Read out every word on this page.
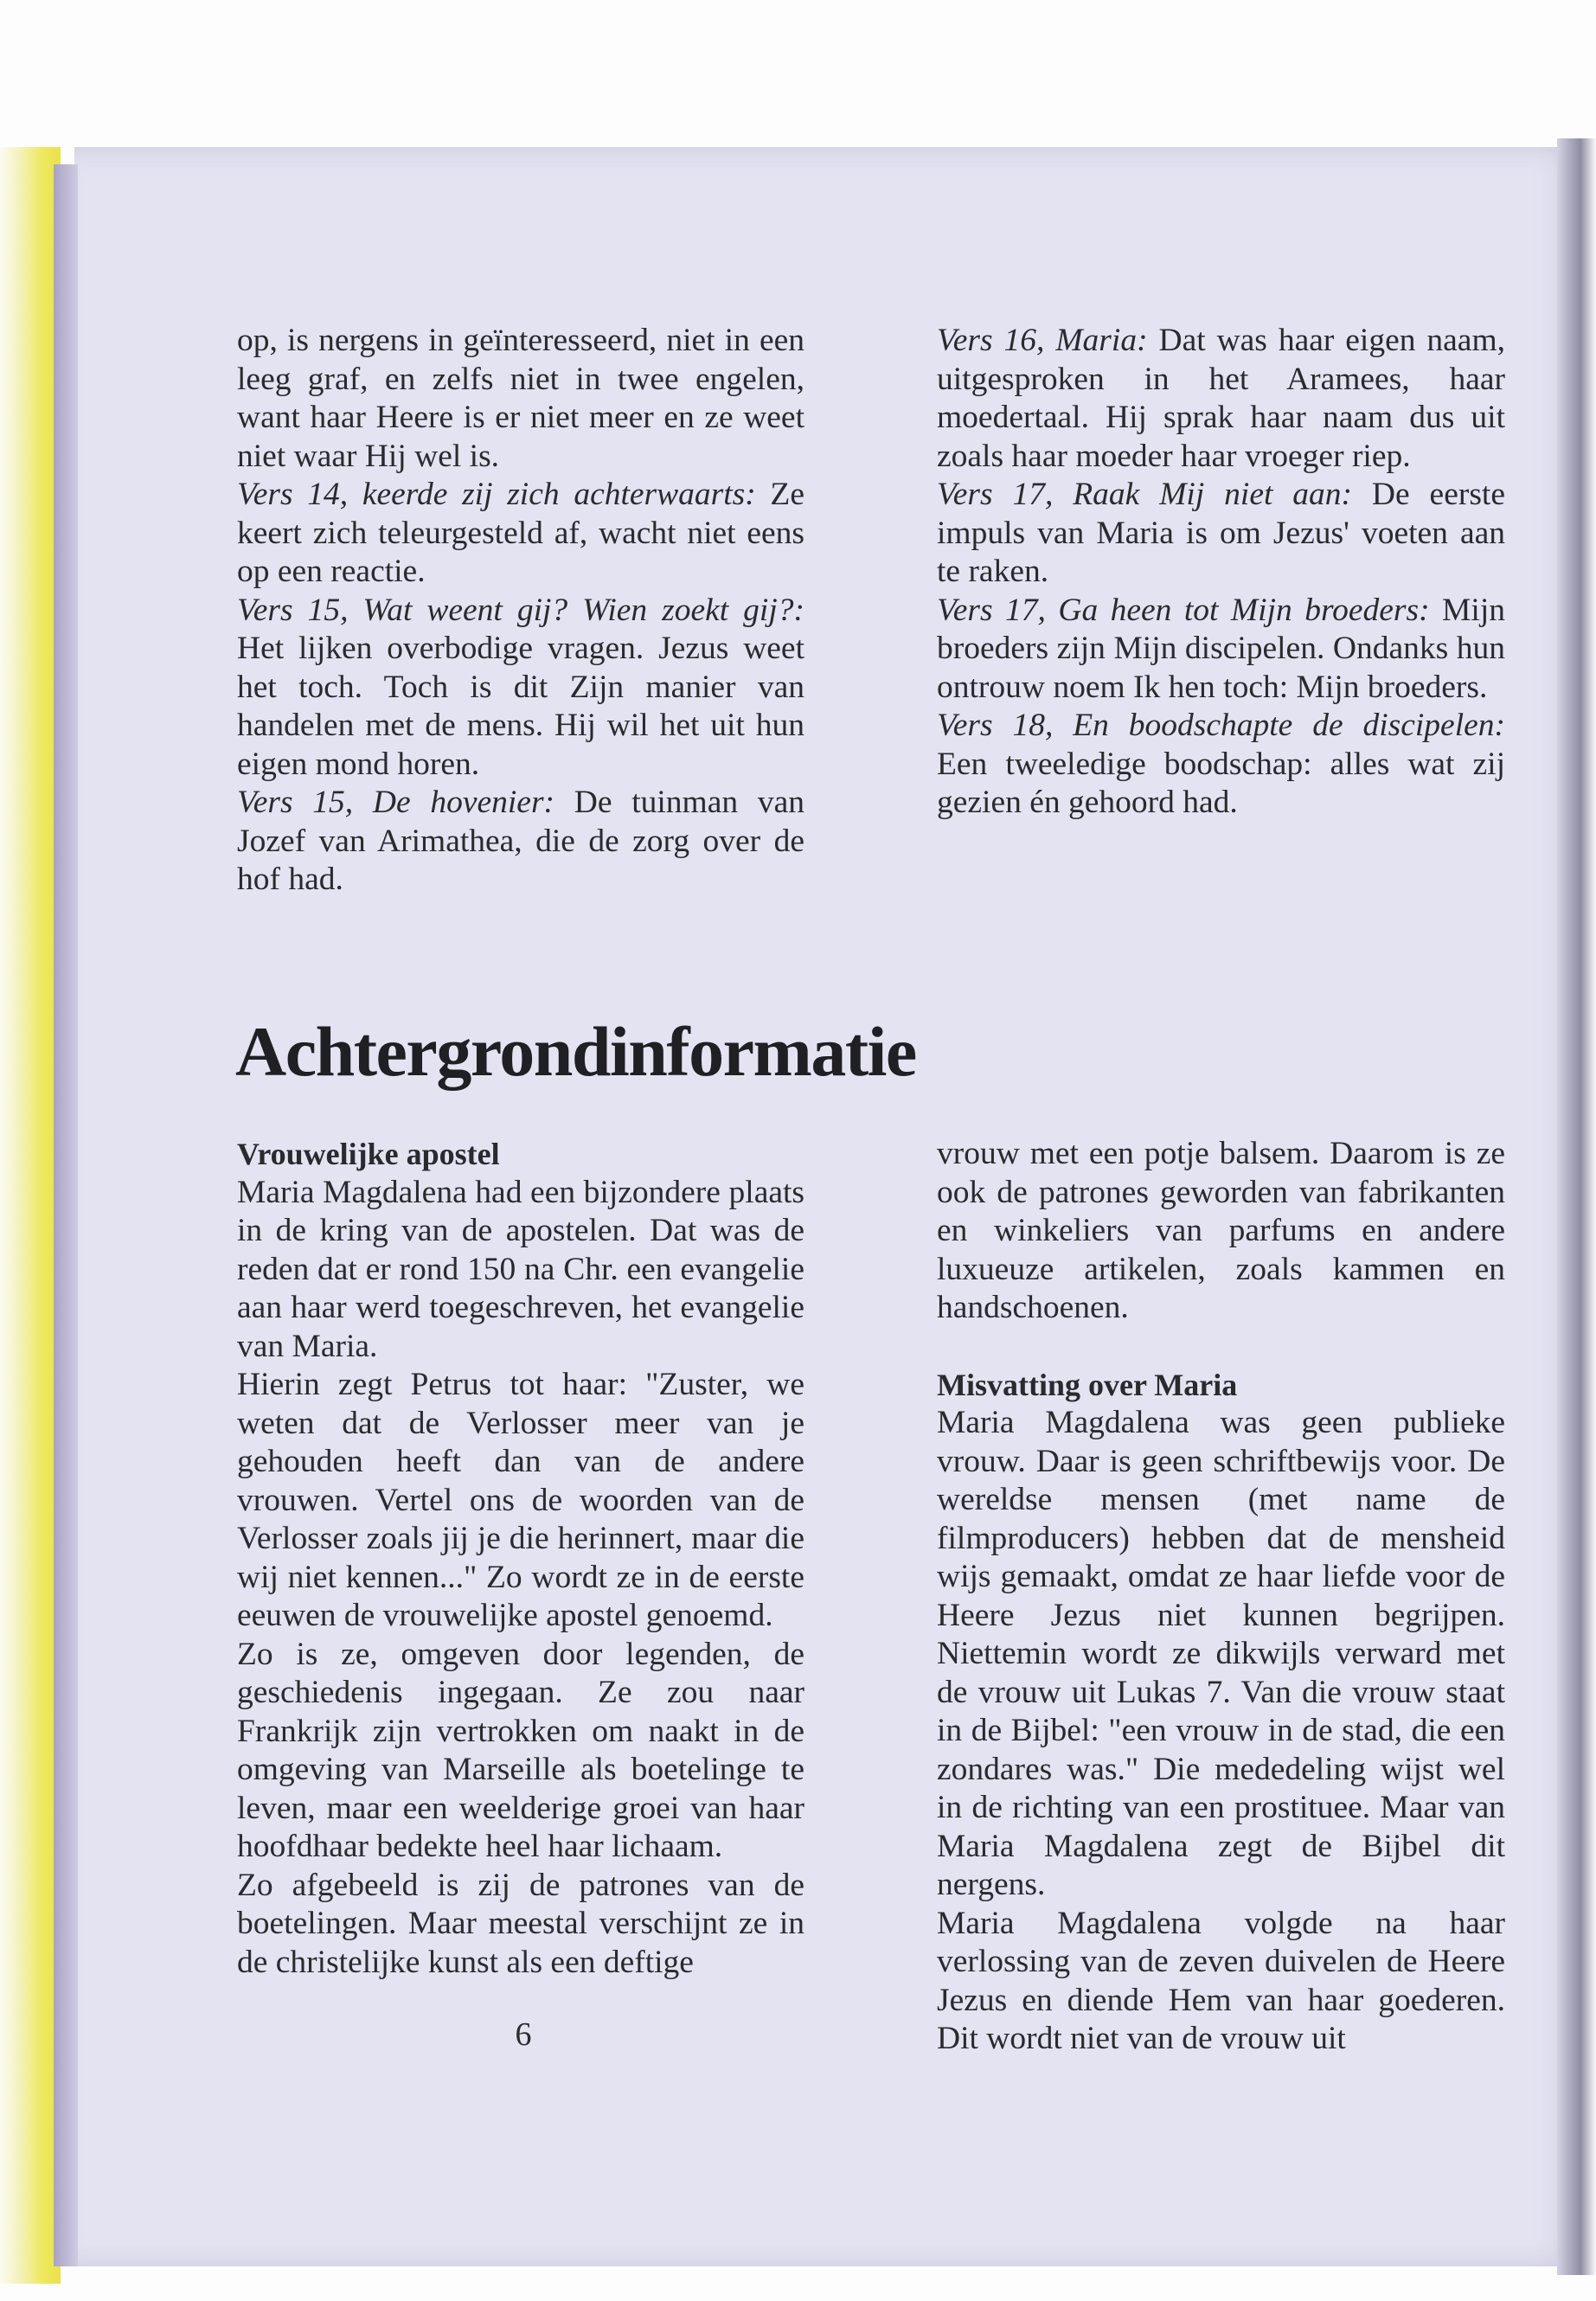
op, is nergens in geïnteresseerd, niet in een leeg graf, en zelfs niet in twee engelen, want haar Heere is er niet meer en ze weet niet waar Hij wel is.

Vers 14, keerde zij zich achterwaarts: Ze keert zich teleurgesteld af, wacht niet eens op een reactie.

Vers 15, Wat weent gij? Wien zoekt gij?: Het lijken overbodige vragen. Jezus weet het toch. Toch is dit Zijn manier van handelen met de mens. Hij wil het uit hun eigen mond horen.

Vers 15, De hovenier: De tuinman van Jozef van Arimathea, die de zorg over de hof had.

Vers 16, Maria: Dat was haar eigen naam, uitgesproken in het Aramees, haar moedertaal. Hij sprak haar naam dus uit zoals haar moeder haar vroeger riep.

Vers 17, Raak Mij niet aan: De eerste impuls van Maria is om Jezus' voeten aan te raken.

Vers 17, Ga heen tot Mijn broeders: Mijn broeders zijn Mijn discipelen. Ondanks hun ontrouw noem Ik hen toch: Mijn broeders.

Vers 18, En boodschapte de discipelen: Een tweeledige boodschap: alles wat zij gezien én gehoord had.

Achtergrondinformatie
Vrouwelijke apostel

Maria Magdalena had een bijzondere plaats in de kring van de apostelen. Dat was de reden dat er rond 150 na Chr. een evangelie aan haar werd toegeschreven, het evangelie van Maria.

Hierin zegt Petrus tot haar: "Zuster, we weten dat de Verlosser meer van je gehouden heeft dan van de andere vrouwen. Vertel ons de woorden van de Verlosser zoals jij je die herinnert, maar die wij niet kennen..." Zo wordt ze in de eerste eeuwen de vrouwelijke apostel genoemd.

Zo is ze, omgeven door legenden, de geschiedenis ingegaan. Ze zou naar Frankrijk zijn vertrokken om naakt in de omgeving van Marseille als boetelinge te leven, maar een weelderige groei van haar hoofdhaar bedekte heel haar lichaam.

Zo afgebeeld is zij de patrones van de boetelingen. Maar meestal verschijnt ze in de christelijke kunst als een deftige

vrouw met een potje balsem. Daarom is ze ook de patrones geworden van fabrikanten en winkeliers van parfums en andere luxueuze artikelen, zoals kammen en handschoenen.

Misvatting over Maria

Maria Magdalena was geen publieke vrouw. Daar is geen schriftbewijs voor. De wereldse mensen (met name de filmproducers) hebben dat de mensheid wijs gemaakt, omdat ze haar liefde voor de Heere Jezus niet kunnen begrijpen. Niettemin wordt ze dikwijls verward met de vrouw uit Lukas 7. Van die vrouw staat in de Bijbel: "een vrouw in de stad, die een zondares was." Die mededeling wijst wel in de richting van een prostituee. Maar van Maria Magdalena zegt de Bijbel dit nergens.

Maria Magdalena volgde na haar verlossing van de zeven duivelen de Heere Jezus en diende Hem van haar goederen. Dit wordt niet van de vrouw uit

6
